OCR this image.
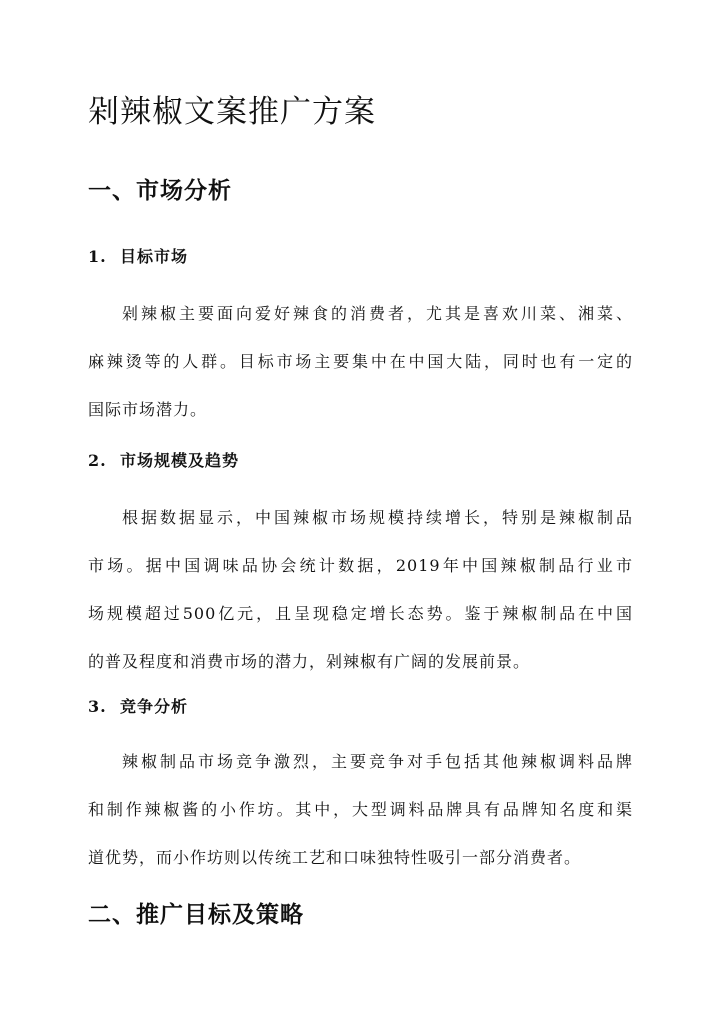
剁辣椒文案推广方案
一、市场分析
1. 目标市场
剁辣椒主要面向爱好辣食的消费者，尤其是喜欢川菜、湘菜、
麻辣烫等的人群。目标市场主要集中在中国大陆，同时也有一定的
国际市场潜力。
2. 市场规模及趋势
根据数据显示，中国辣椒市场规模持续增长，特别是辣椒制品
市场。据中国调味品协会统计数据，2019年中国辣椒制品行业市
场规模超过500亿元，且呈现稳定增长态势。鉴于辣椒制品在中国
的普及程度和消费市场的潜力，剁辣椒有广阔的发展前景。
3. 竞争分析
辣椒制品市场竞争激烈，主要竞争对手包括其他辣椒调料品牌
和制作辣椒酱的小作坊。其中，大型调料品牌具有品牌知名度和渠
道优势，而小作坊则以传统工艺和口味独特性吸引一部分消费者。
二、推广目标及策略
